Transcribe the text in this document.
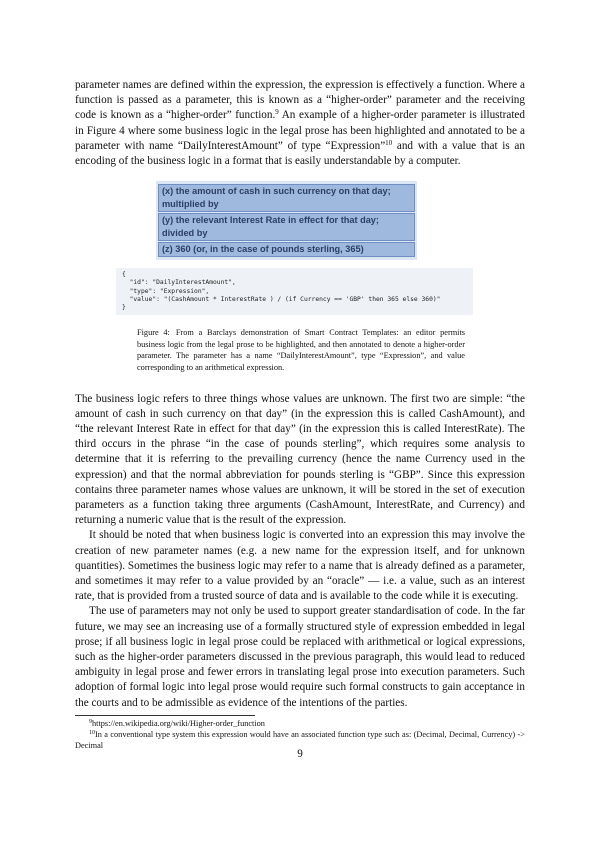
parameter names are defined within the expression, the expression is effectively a function. Where a function is passed as a parameter, this is known as a “higher-order” parameter and the receiving code is known as a “higher-order” function.$^9$ An example of a higher-order parameter is illustrated in Figure 4 where some business logic in the legal prose has been highlighted and annotated to be a parameter with name “DailyInterestAmount” of type “Expression”$^{10}$ and with a value that is an encoding of the business logic in a format that is easily understandable by a computer.

(x) the amount of cash in such currency on that day; multiplied by
(y) the relevant Interest Rate in effect for that day; divided by
(z) 360 (or, in the case of pounds sterling, 365)
{
"id": "DailyInterestAmount",
"type": "Expression",
"value": "(CashAmount * InterestRate ) / (if Currency == 'GBP' then 365 else 360)"
}

Figure 4: From a Barclays demonstration of Smart Contract Templates: an editor permits business logic from the legal prose to be highlighted, and then annotated to denote a higher-order parameter. The parameter has a name “DailyInterestAmount”, type “Expression”, and value corresponding to an arithmetical expression.

The business logic refers to three things whose values are unknown. The first two are simple: “the amount of cash in such currency on that day” (in the expression this is called CashAmount), and “the relevant Interest Rate in effect for that day” (in the expression this is called InterestRate). The third occurs in the phrase “in the case of pounds sterling”, which requires some analysis to determine that it is referring to the prevailing currency (hence the name Currency used in the expression) and that the normal abbreviation for pounds sterling is “GBP”. Since this expression contains three parameter names whose values are unknown, it will be stored in the set of execution parameters as a function taking three arguments (CashAmount, InterestRate, and Currency) and returning a numeric value that is the result of the expression.

It should be noted that when business logic is converted into an expression this may involve the creation of new parameter names (e.g. a new name for the expression itself, and for unknown quantities). Sometimes the business logic may refer to a name that is already defined as a parameter, and sometimes it may refer to a value provided by an “oracle” — i.e. a value, such as an interest rate, that is provided from a trusted source of data and is available to the code while it is executing.

The use of parameters may not only be used to support greater standardisation of code. In the far future, we may see an increasing use of a formally structured style of expression embedded in legal prose; if all business logic in legal prose could be replaced with arithmetical or logical expressions, such as the higher-order parameters discussed in the previous paragraph, this would lead to reduced ambiguity in legal prose and fewer errors in translating legal prose into execution parameters. Such adoption of formal logic into legal prose would require such formal constructs to gain acceptance in the courts and to be admissible as evidence of the intentions of the parties.

$^9$https://en.wikipedia.org/wiki/Higher-order_function

$^{10}$In a conventional type system this expression would have an associated function type such as: (Decimal, Decimal, Currency) -> Decimal

9
